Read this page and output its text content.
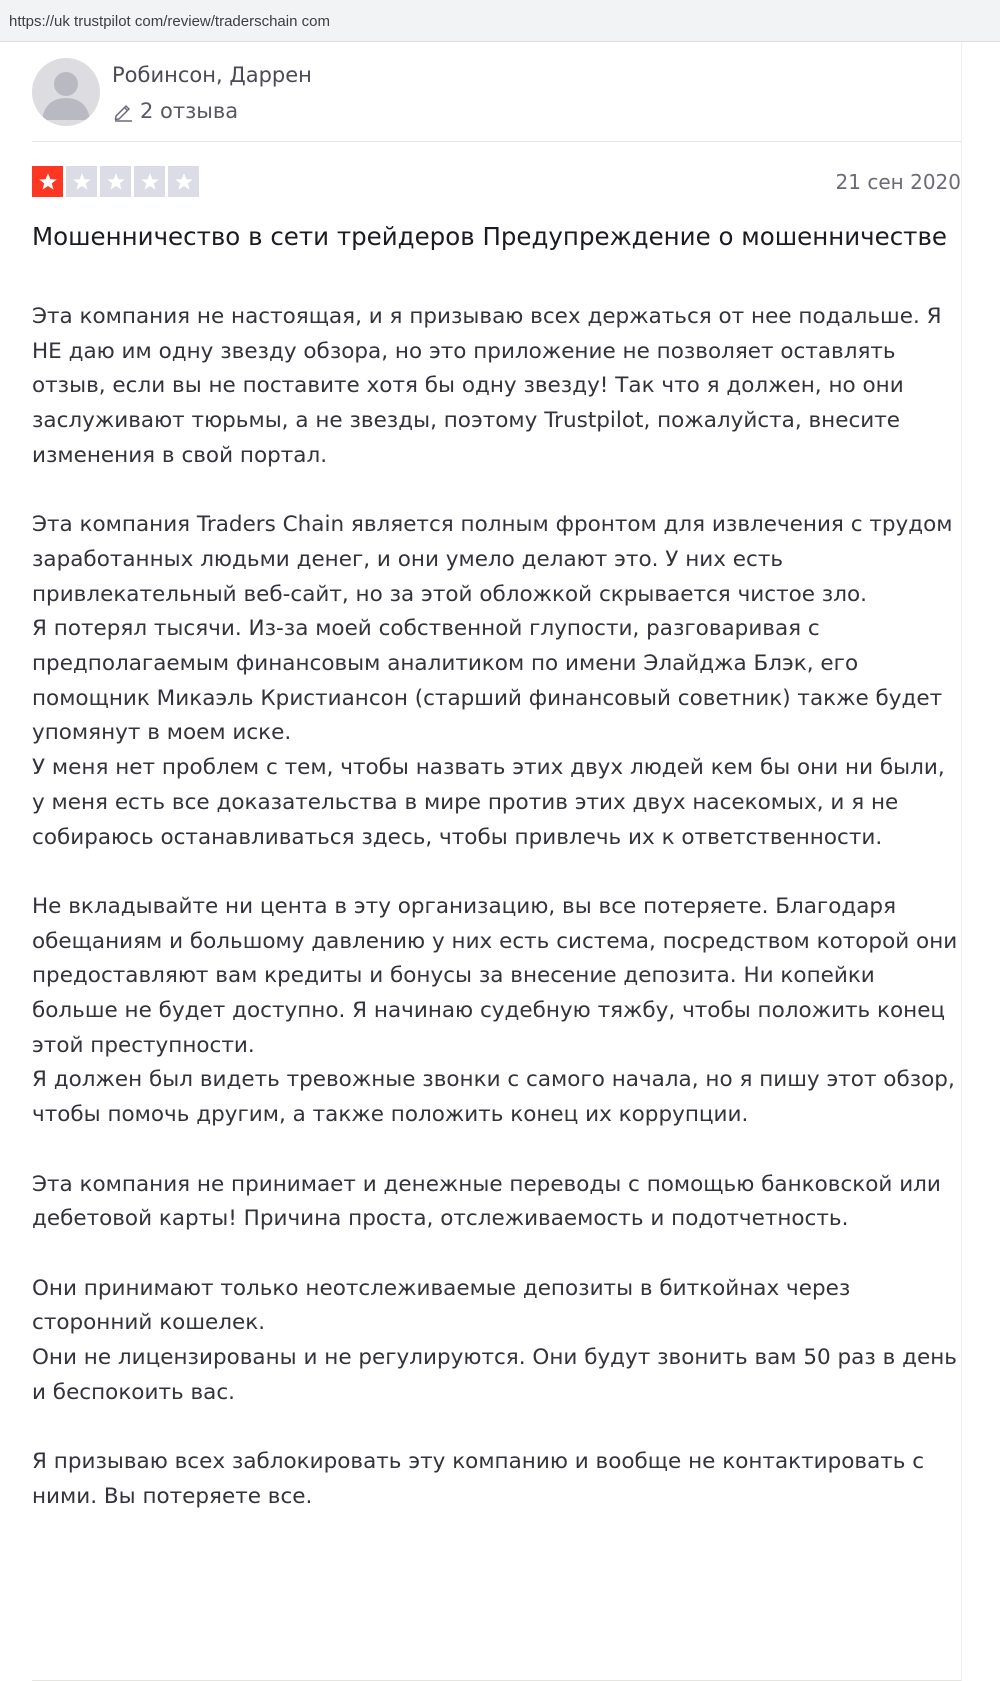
https://uk trustpilot com/review/traderschain com
Робинсон, Даррен
2 отзыва
21 сен 2020
Мошенничество в сети трейдеров Предупреждение о мошенничестве

Эта компания не настоящая, и я призываю всех держаться от нее подальше. Я НЕ даю им одну звезду обзора, но это приложение не позволяет оставлять отзыв, если вы не поставите хотя бы одну звезду! Так что я должен, но они заслуживают тюрьмы, а не звезды, поэтому Trustpilot, пожалуйста, внесите изменения в свой портал.

Эта компания Traders Chain является полным фронтом для извлечения с трудом заработанных людьми денег, и они умело делают это. У них есть привлекательный веб-сайт, но за этой обложкой скрывается чистое зло.
Я потерял тысячи. Из-за моей собственной глупости, разговаривая с предполагаемым финансовым аналитиком по имени Элайджа Блэк, его помощник Микаэль Кристиансон (старший финансовый советник) также будет упомянут в моем иске.
У меня нет проблем с тем, чтобы назвать этих двух людей кем бы они ни были, у меня есть все доказательства в мире против этих двух насекомых, и я не собираюсь останавливаться здесь, чтобы привлечь их к ответственности.

Не вкладывайте ни цента в эту организацию, вы все потеряете. Благодаря обещаниям и большому давлению у них есть система, посредством которой они предоставляют вам кредиты и бонусы за внесение депозита. Ни копейки больше не будет доступно. Я начинаю судебную тяжбу, чтобы положить конец этой преступности.
Я должен был видеть тревожные звонки с самого начала, но я пишу этот обзор, чтобы помочь другим, а также положить конец их коррупции.

Эта компания не принимает и денежные переводы с помощью банковской или дебетовой карты! Причина проста, отслеживаемость и подотчетность.

Они принимают только неотслеживаемые депозиты в биткойнах через сторонний кошелек.
Они не лицензированы и не регулируются. Они будут звонить вам 50 раз в день и беспокоить вас.

Я призываю всех заблокировать эту компанию и вообще не контактировать с ними. Вы потеряете все.
